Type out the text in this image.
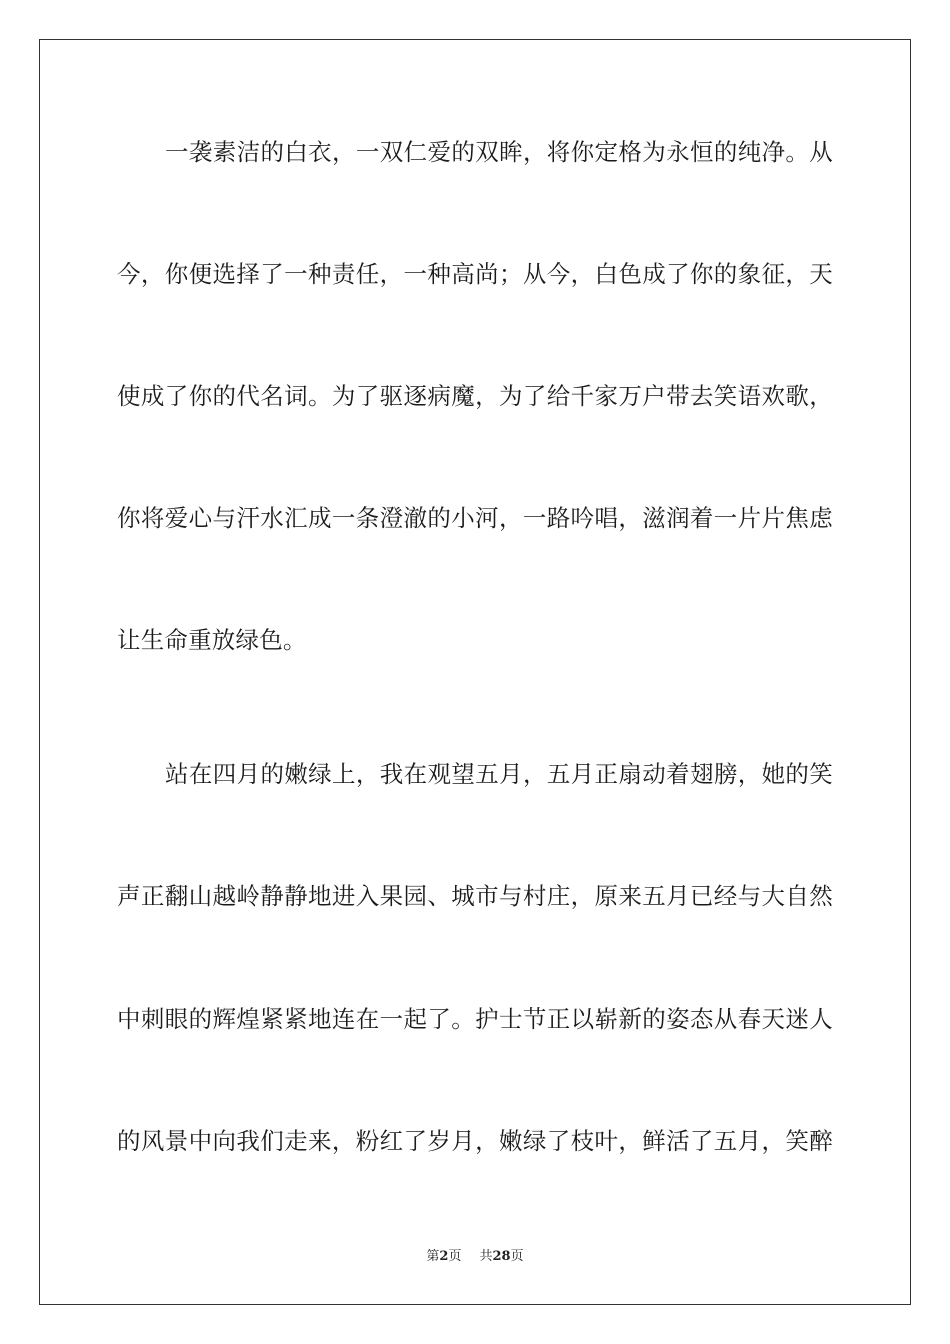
一袭素洁的白衣，一双仁爱的双眸，将你定格为永恒的纯净。从
今，你便选择了一种责任，一种高尚；从今，白色成了你的象征，天
使成了你的代名词。为了驱逐病魔，为了给千家万户带去笑语欢歌，
你将爱心与汗水汇成一条澄澈的小河，一路吟唱，滋润着一片片焦虑
让生命重放绿色。
站在四月的嫩绿上，我在观望五月，五月正扇动着翅膀，她的笑
声正翻山越岭静静地进入果园、城市与村庄，原来五月已经与大自然
中刺眼的辉煌紧紧地连在一起了。护士节正以崭新的姿态从春天迷人
的风景中向我们走来，粉红了岁月，嫩绿了枝叶，鲜活了五月，笑醉
第2页 共28页
